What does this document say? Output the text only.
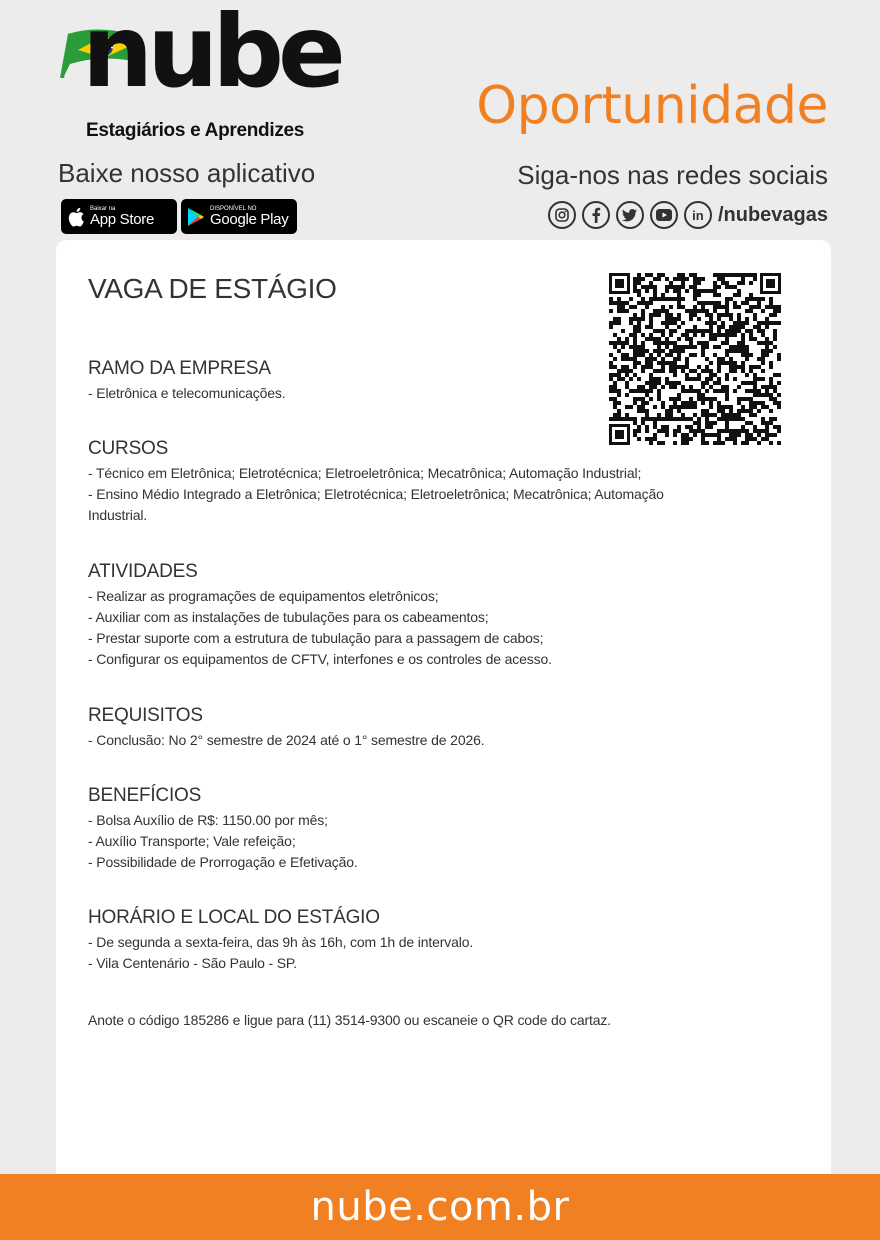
nube
Estagiários e Aprendizes	Oportunidade
Baixe nosso aplicativo	Siga-nos nas redes sociais
Baixar na
App Store
DISPONÍVEL NO
Google Play	in /nubevagas
VAGA DE ESTÁGIO
RAMO DA EMPRESA
- Eletrônica e telecomunicações.
CURSOS
- Técnico em Eletrônica; Eletrotécnica; Eletroeletrônica; Mecatrônica; Automação Industrial;
- Ensino Médio Integrado a Eletrônica; Eletrotécnica; Eletroeletrônica; Mecatrônica; Automação
Industrial.
ATIVIDADES
- Realizar as programações de equipamentos eletrônicos;
- Auxiliar com as instalações de tubulações para os cabeamentos;
- Prestar suporte com a estrutura de tubulação para a passagem de cabos;
- Configurar os equipamentos de CFTV, interfones e os controles de acesso.
REQUISITOS
- Conclusão: No 2° semestre de 2024 até o 1° semestre de 2026.
BENEFÍCIOS
- Bolsa Auxílio de R$: 1150.00 por mês;
- Auxílio Transporte; Vale refeição;
- Possibilidade de Prorrogação e Efetivação.
HORÁRIO E LOCAL DO ESTÁGIO
- De segunda a sexta-feira, das 9h às 16h, com 1h de intervalo.
- Vila Centenário - São Paulo - SP.
Anote o código 185286 e ligue para (11) 3514-9300 ou escaneie o QR code do cartaz.
nube.com.br
